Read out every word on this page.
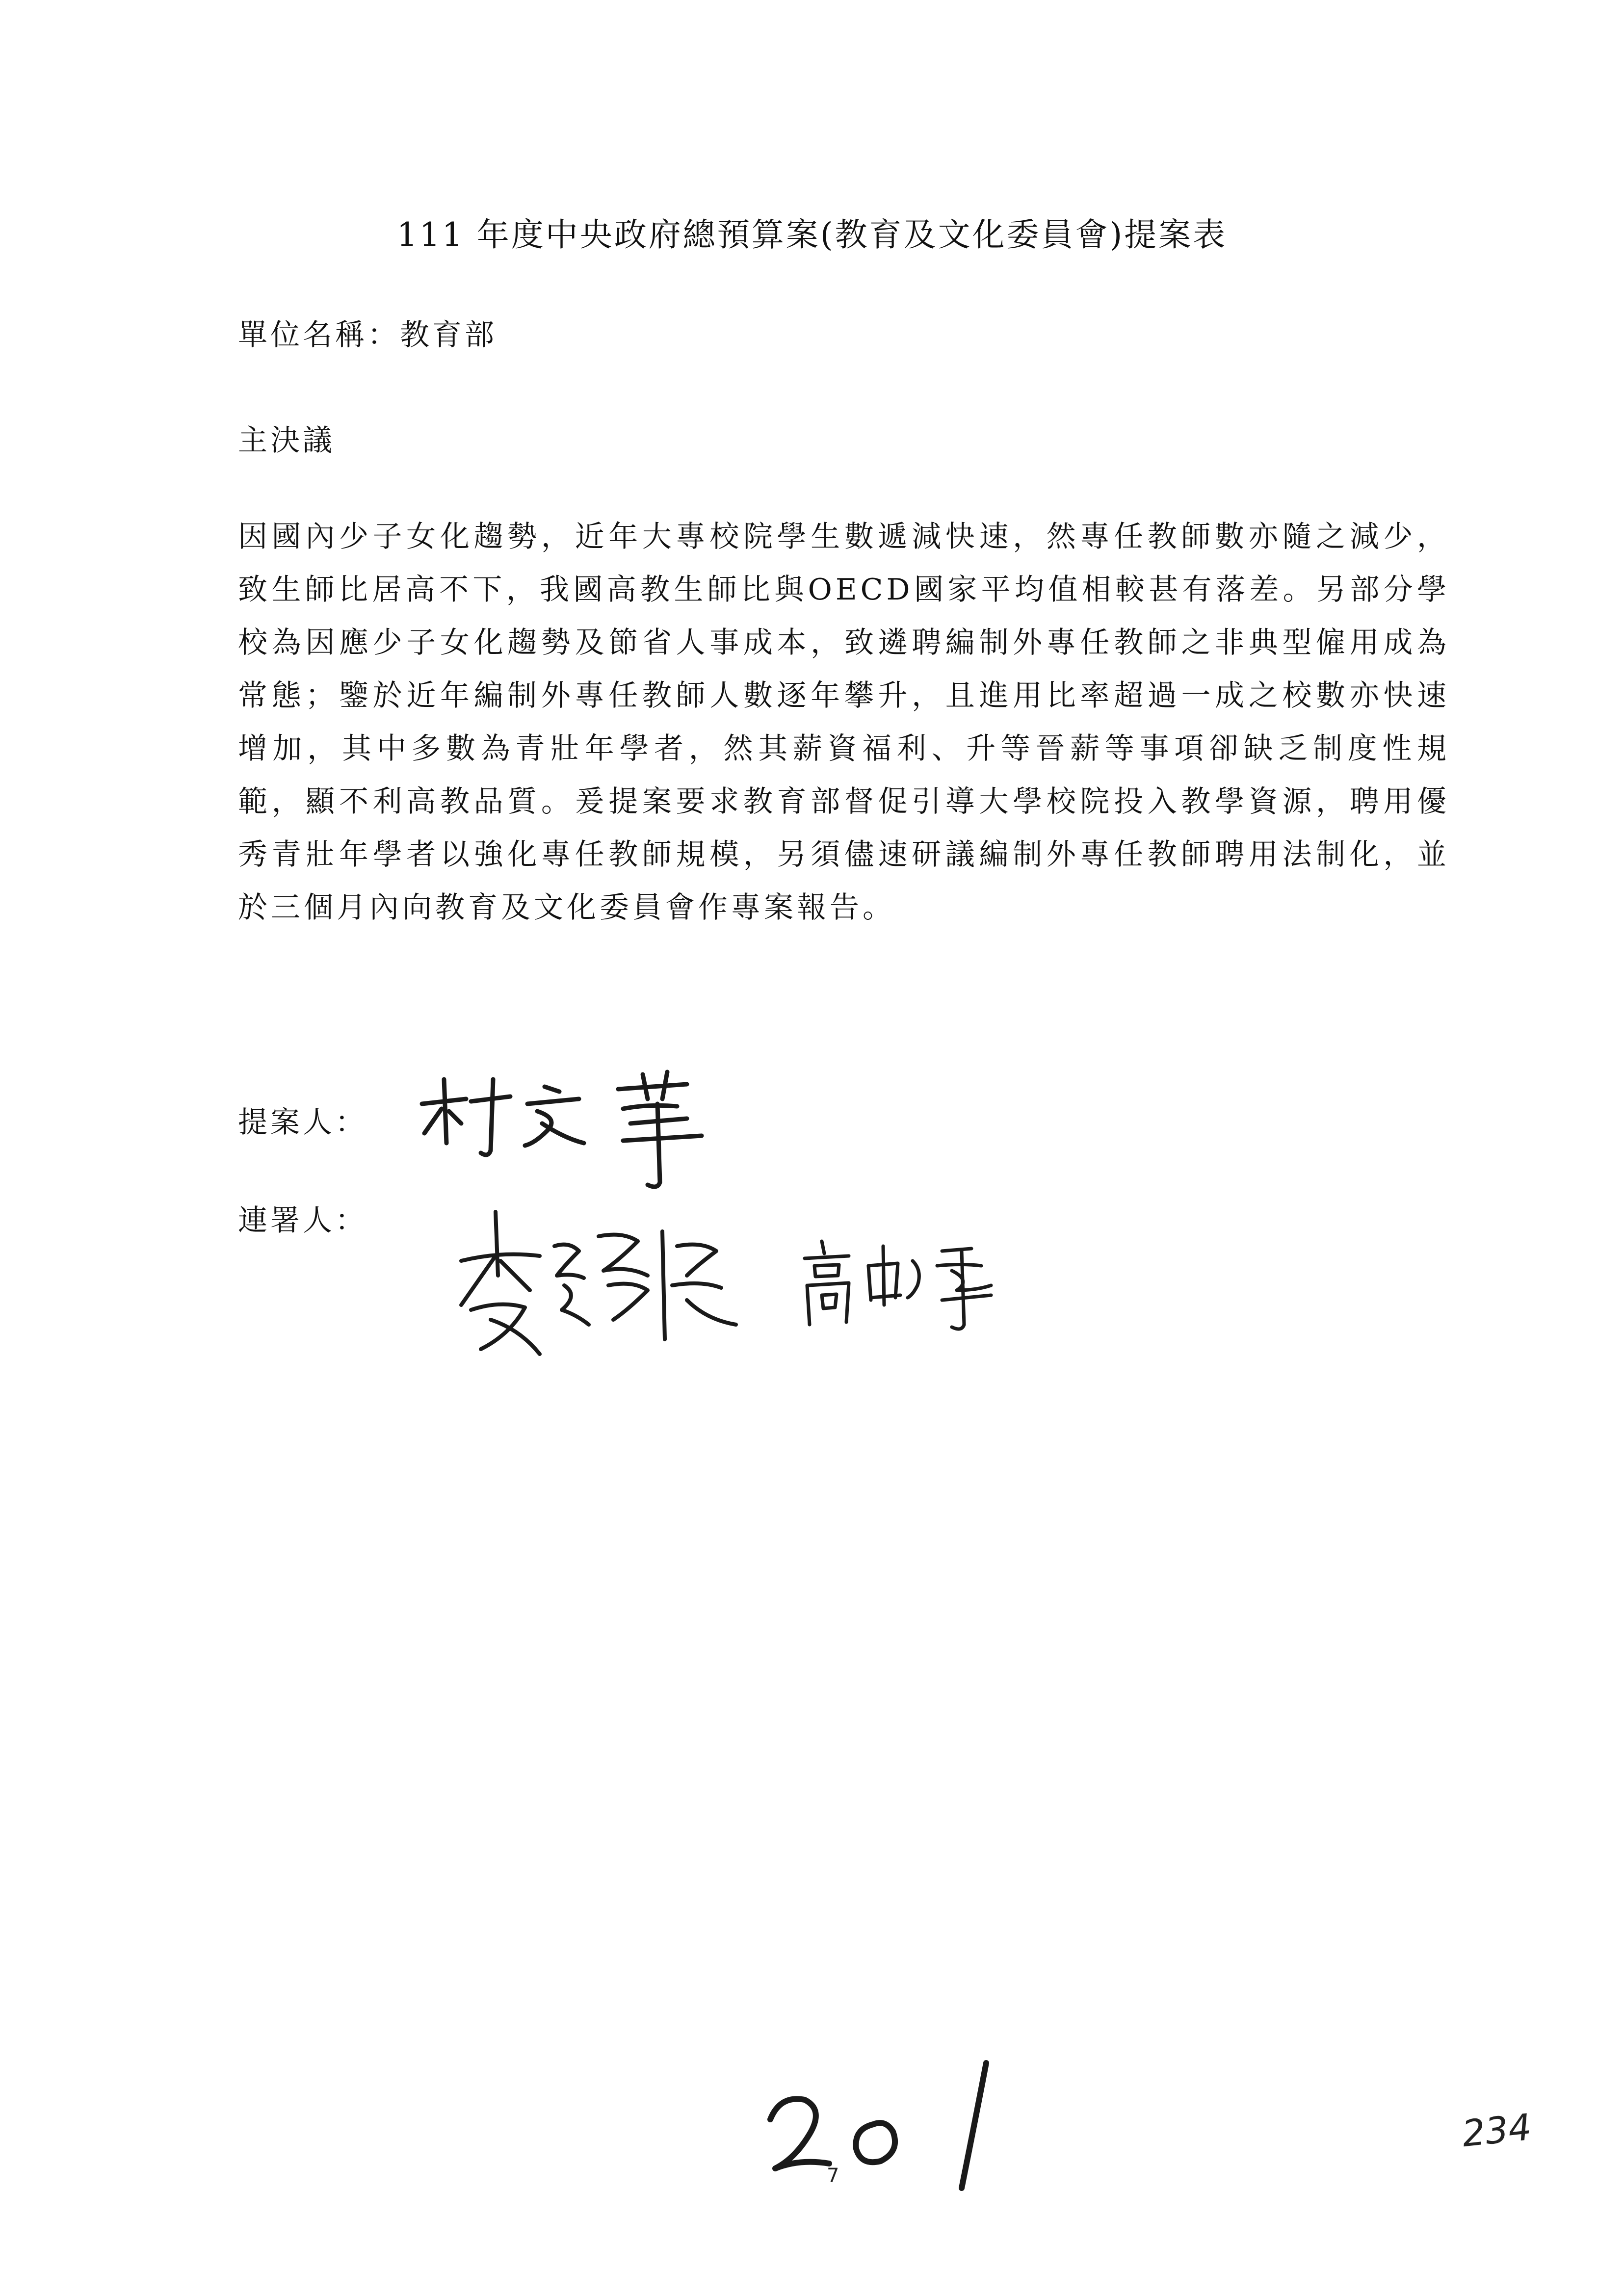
111 年度中央政府總預算案(教育及文化委員會)提案表
單位名稱：教育部
主決議
因國內少子女化趨勢，近年大專校院學生數遞減快速，然專任教師數亦隨之減少，致生師比居高不下，我國高教生師比與OECD國家平均值相較甚有落差。另部分學校為因應少子女化趨勢及節省人事成本，致遴聘編制外專任教師之非典型僱用成為常態；鑒於近年編制外專任教師人數逐年攀升，且進用比率超過一成之校數亦快速增加，其中多數為青壯年學者，然其薪資福利、升等晉薪等事項卻缺乏制度性規範，顯不利高教品質。爰提案要求教育部督促引導大學校院投入教學資源，聘用優秀青壯年學者以強化專任教師規模，另須儘速研議編制外專任教師聘用法制化，並於三個月內向教育及文化委員會作專案報告。
提案人：
連署人：
7
234
